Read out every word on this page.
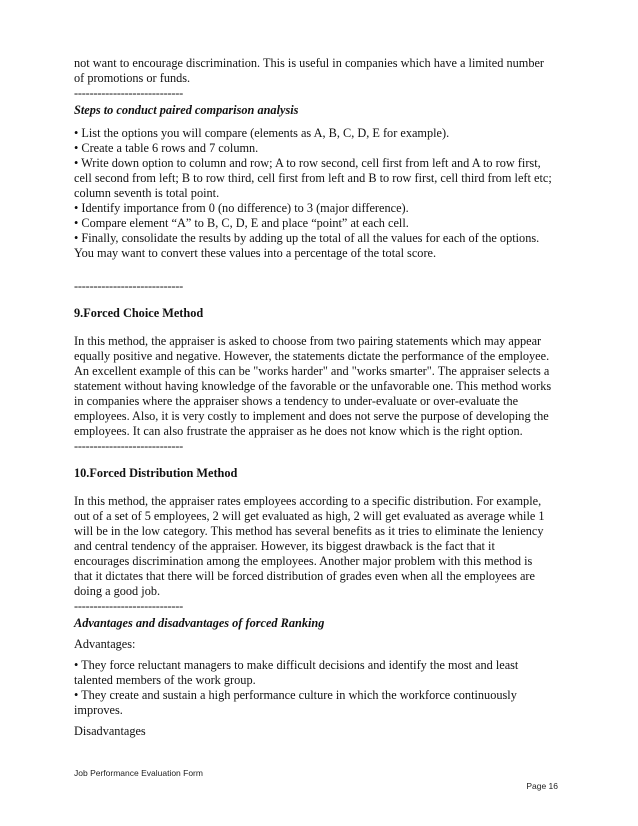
not want to encourage discrimination. This is useful in companies which have a limited number
of promotions or funds.
----------------------------
Steps to conduct paired comparison analysis
• List the options you will compare (elements as A, B, C, D, E for example).
• Create a table 6 rows and 7 column.
• Write down option to column and row; A to row second, cell first from left and A to row first,
cell second from left; B to row third, cell first from left and B to row first, cell third from left etc;
column seventh is total point.
• Identify importance from 0 (no difference) to 3 (major difference).
• Compare element “A” to B, C, D, E and place “point” at each cell.
• Finally, consolidate the results by adding up the total of all the values for each of the options.
You may want to convert these values into a percentage of the total score.
----------------------------
9.Forced Choice Method
In this method, the appraiser is asked to choose from two pairing statements which may appear
equally positive and negative. However, the statements dictate the performance of the employee.
An excellent example of this can be "works harder" and "works smarter". The appraiser selects a
statement without having knowledge of the favorable or the unfavorable one. This method works
in companies where the appraiser shows a tendency to under-evaluate or over-evaluate the
employees. Also, it is very costly to implement and does not serve the purpose of developing the
employees. It can also frustrate the appraiser as he does not know which is the right option.
----------------------------
10.Forced Distribution Method
In this method, the appraiser rates employees according to a specific distribution. For example,
out of a set of 5 employees, 2 will get evaluated as high, 2 will get evaluated as average while 1
will be in the low category. This method has several benefits as it tries to eliminate the leniency
and central tendency of the appraiser. However, its biggest drawback is the fact that it
encourages discrimination among the employees. Another major problem with this method is
that it dictates that there will be forced distribution of grades even when all the employees are
doing a good job.
----------------------------
Advantages and disadvantages of forced Ranking
Advantages:
• They force reluctant managers to make difficult decisions and identify the most and least
talented members of the work group.
• They create and sustain a high performance culture in which the workforce continuously
improves.
Disadvantages
Job Performance Evaluation Form
Page 16
